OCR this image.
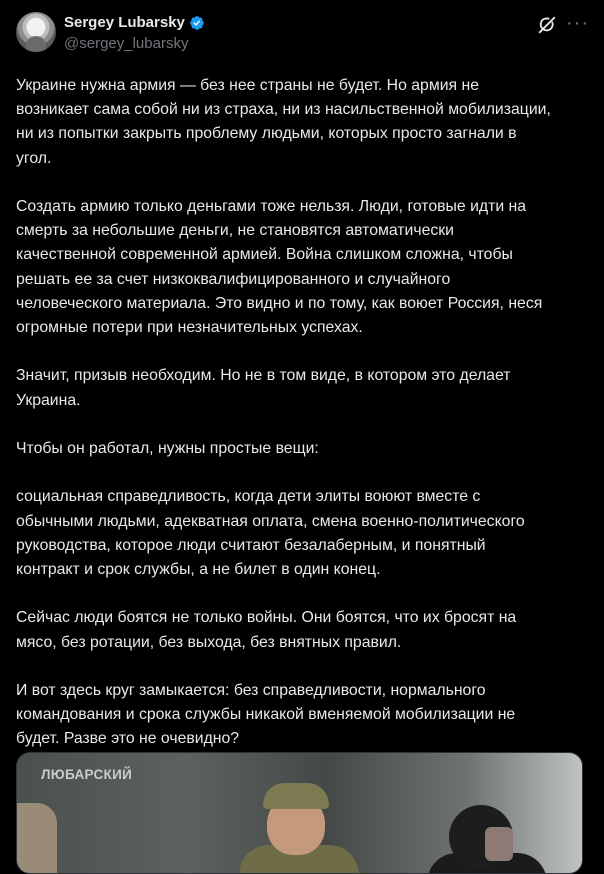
Sergey Lubarsky
@sergey_lubarsky
···

Украине нужна армия — без нее страны не будет. Но армия не
возникает сама собой ни из страха, ни из насильственной мобилизации,
ни из попытки закрыть проблему людьми, которых просто загнали в
угол.

Создать армию только деньгами тоже нельзя. Люди, готовые идти на
смерть за небольшие деньги, не становятся автоматически
качественной современной армией. Война слишком сложна, чтобы
решать ее за счет низкоквалифицированного и случайного
человеческого материала. Это видно и по тому, как воюет Россия, неся
огромные потери при незначительных успехах.

Значит, призыв необходим. Но не в том виде, в котором это делает
Украина.

Чтобы он работал, нужны простые вещи:

социальная справедливость, когда дети элиты воюют вместе с
обычными людьми, адекватная оплата, смена военно-политического
руководства, которое люди считают безалаберным, и понятный
контракт и срок службы, а не билет в один конец.

Сейчас люди боятся не только войны. Они боятся, что их бросят на
мясо, без ротации, без выхода, без внятных правил.

И вот здесь круг замыкается: без справедливости, нормального
командования и срока службы никакой вменяемой мобилизации не
будет. Разве это не очевидно?

ЛЮБАРСКИЙ
